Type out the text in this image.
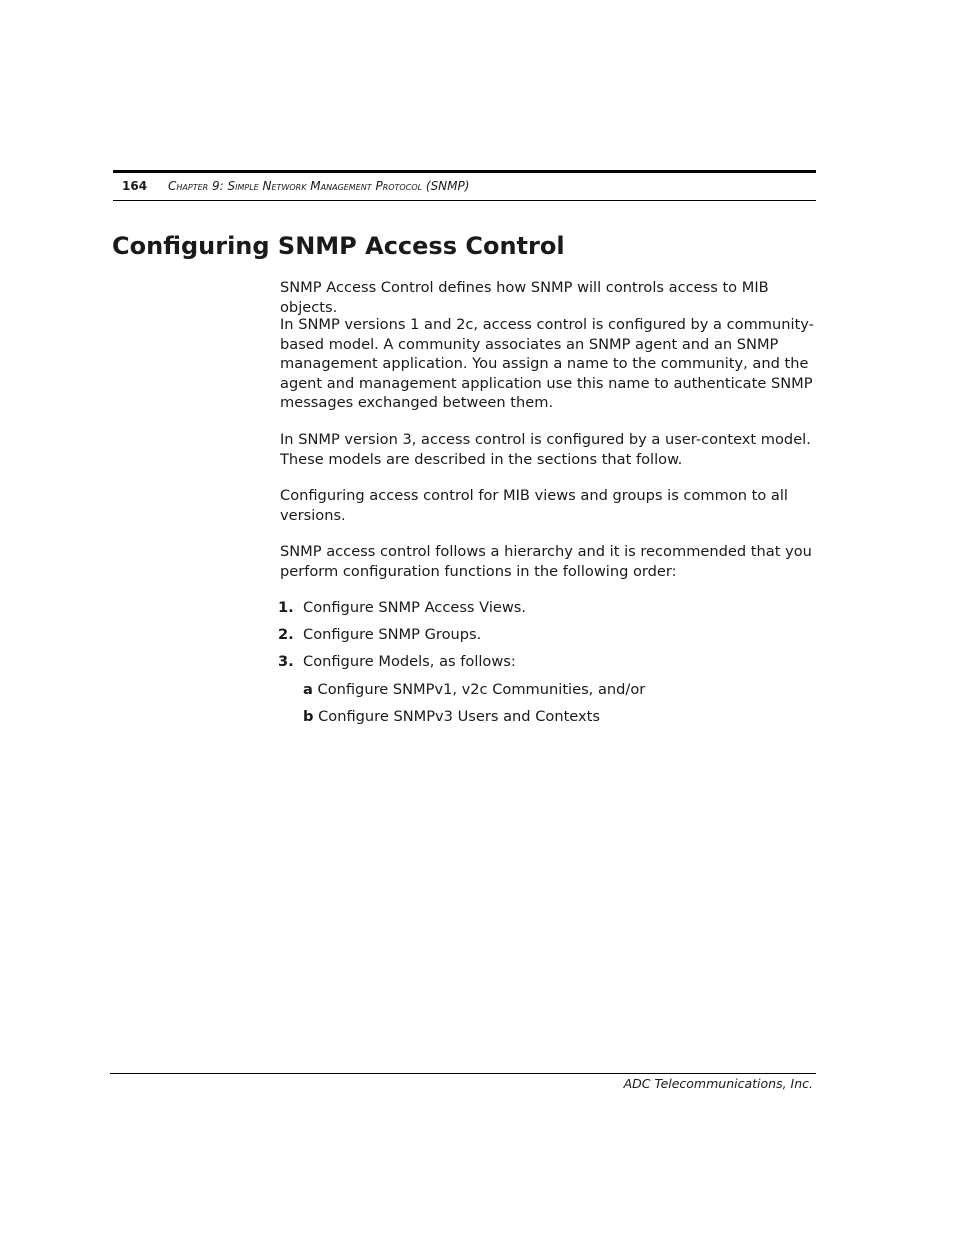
164 Chapter 9: Simple Network Management Protocol (SNMP)
Configuring SNMP Access Control

SNMP Access Control defines how SNMP will controls access to MIB objects.

In SNMP versions 1 and 2c, access control is configured by a community-based model. A community associates an SNMP agent and an SNMP management application. You assign a name to the community, and the agent and management application use this name to authenticate SNMP messages exchanged between them.

In SNMP version 3, access control is configured by a user-context model. These models are described in the sections that follow.

Configuring access control for MIB views and groups is common to all versions.

SNMP access control follows a hierarchy and it is recommended that you perform configuration functions in the following order:

1. Configure SNMP Access Views.
2. Configure SNMP Groups.
3. Configure Models, as follows:
a Configure SNMPv1, v2c Communities, and/or
b Configure SNMPv3 Users and Contexts
ADC Telecommunications, Inc.
